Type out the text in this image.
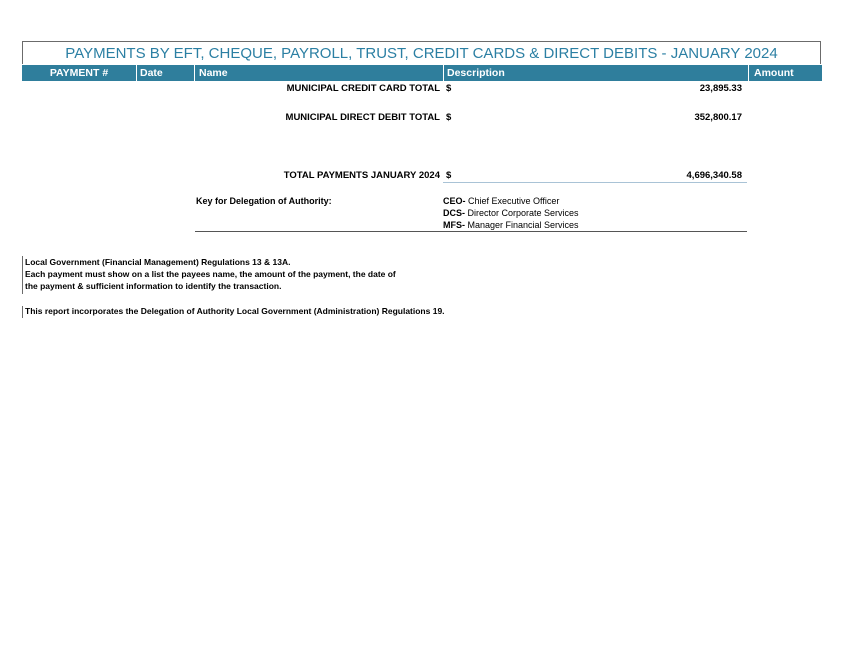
PAYMENTS BY EFT, CHEQUE, PAYROLL, TRUST, CREDIT CARDS & DIRECT DEBITS - JANUARY 2024
PAYMENT #	Date	Name	Description	Amount
MUNICIPAL CREDIT CARD TOTAL $	23,895.33
MUNICIPAL DIRECT DEBIT TOTAL $	352,800.17
TOTAL PAYMENTS JANUARY 2024 $	4,696,340.58
Key for Delegation of Authority:	CEO- Chief Executive Officer
DCS- Director Corporate Services
MFS- Manager Financial Services
Local Government (Financial Management) Regulations 13 & 13A.
Each payment must show on a list the payees name, the amount of the payment, the date of
the payment & sufficient information to identify the transaction.
This report incorporates the Delegation of Authority Local Government (Administration) Regulations 19.
